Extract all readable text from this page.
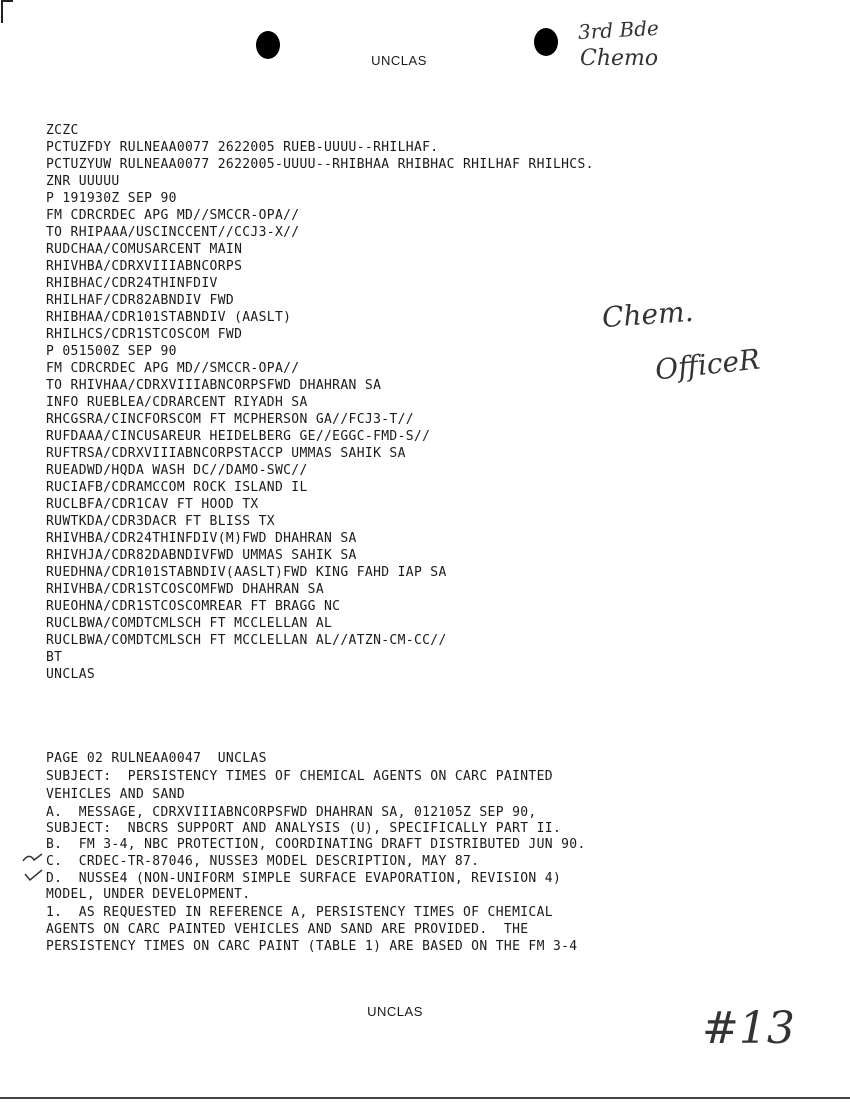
UNCLAS
3rd Bde
Chemo
Chem.
OfficeR
ZCZC
PCTUZFDY RULNEAA0077 2622005 RUEB-UUUU--RHILHAF.
PCTUZYUW RULNEAA0077 2622005-UUUU--RHIBHAA RHIBHAC RHILHAF RHILHCS.
ZNR UUUUU
P 191930Z SEP 90
FM CDRCRDEC APG MD//SMCCR-OPA//
TO RHIPAAA/USCINCCENT//CCJ3-X//
RUDCHAA/COMUSARCENT MAIN
RHIVHBA/CDRXVIIIABNCORPS
RHIBHAC/CDR24THINFDIV
RHILHAF/CDR82ABNDIV FWD
RHIBHAA/CDR101STABNDIV (AASLT)
RHILHCS/CDR1STCOSCOM FWD
P 051500Z SEP 90
FM CDRCRDEC APG MD//SMCCR-OPA//
TO RHIVHAA/CDRXVIIIABNCORPSFWD DHAHRAN SA
INFO RUEBLEA/CDRARCENT RIYADH SA
RHCGSRA/CINCFORSCOM FT MCPHERSON GA//FCJ3-T//
RUFDAAA/CINCUSAREUR HEIDELBERG GE//EGGC-FMD-S//
RUFTRSA/CDRXVIIIABNCORPSTACCP UMMAS SAHIK SA
RUEADWD/HQDA WASH DC//DAMO-SWC//
RUCIAFB/CDRAMCCOM ROCK ISLAND IL
RUCLBFA/CDR1CAV FT HOOD TX
RUWTKDA/CDR3DACR FT BLISS TX
RHIVHBA/CDR24THINFDIV(M)FWD DHAHRAN SA
RHIVHJA/CDR82DABNDIVFWD UMMAS SAHIK SA
RUEDHNA/CDR101STABNDIV(AASLT)FWD KING FAHD IAP SA
RHIVHBA/CDR1STCOSCOMFWD DHAHRAN SA
RUEOHNA/CDR1STCOSCOMREAR FT BRAGG NC
RUCLBWA/COMDTCMLSCH FT MCCLELLAN AL
RUCLBWA/COMDTCMLSCH FT MCCLELLAN AL//ATZN-CM-CC//
BT
UNCLAS
PAGE 02 RULNEAA0047  UNCLAS
SUBJECT:  PERSISTENCY TIMES OF CHEMICAL AGENTS ON CARC PAINTED
VEHICLES AND SAND
A.  MESSAGE, CDRXVIIIABNCORPSFWD DHAHRAN SA, 012105Z SEP 90,
SUBJECT:  NBCRS SUPPORT AND ANALYSIS (U), SPECIFICALLY PART II.
B.  FM 3-4, NBC PROTECTION, COORDINATING DRAFT DISTRIBUTED JUN 90.
C.  CRDEC-TR-87046, NUSSE3 MODEL DESCRIPTION, MAY 87.
D.  NUSSE4 (NON-UNIFORM SIMPLE SURFACE EVAPORATION, REVISION 4)
MODEL, UNDER DEVELOPMENT.
1.  AS REQUESTED IN REFERENCE A, PERSISTENCY TIMES OF CHEMICAL
AGENTS ON CARC PAINTED VEHICLES AND SAND ARE PROVIDED.  THE
PERSISTENCY TIMES ON CARC PAINT (TABLE 1) ARE BASED ON THE FM 3-4
UNCLAS	#13
